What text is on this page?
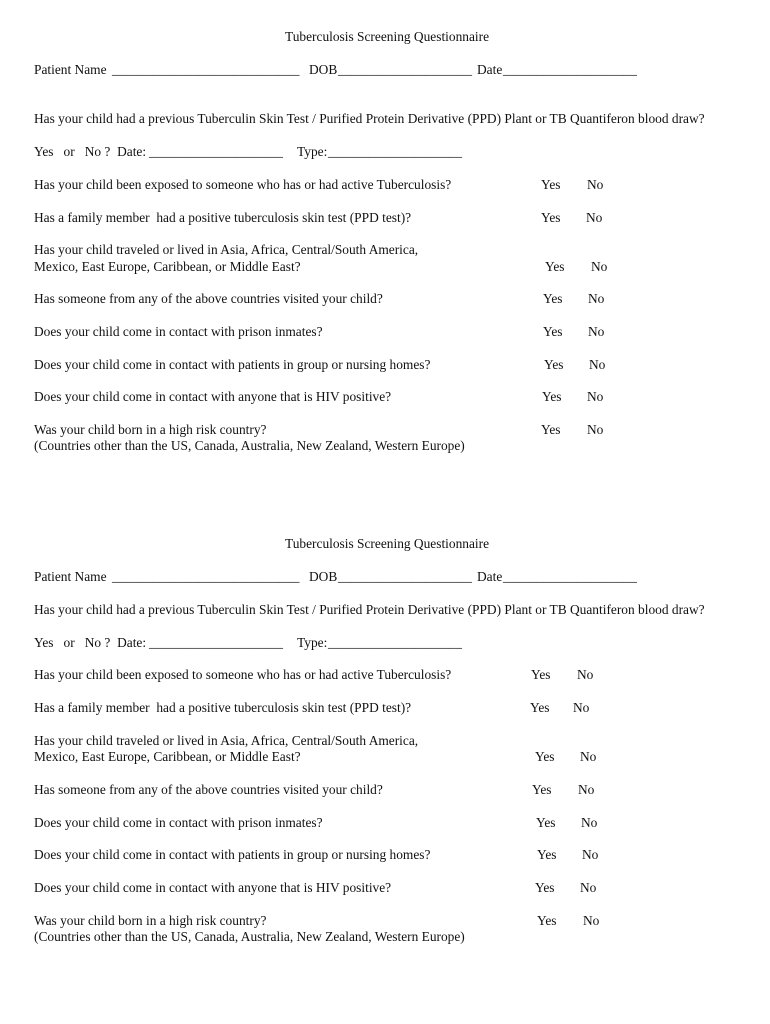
Tuberculosis Screening Questionnaire
Patient Name ____________________________ DOB ____________________ Date ____________________
Has your child had a previous Tuberculin Skin Test / Purified Protein Derivative (PPD) Plant or TB Quantiferon blood draw?
Yes   or   No ?  Date: ____________________ Type: ____________________
Has your child been exposed to someone who has or had active Tuberculosis?	Yes No
Has a family member  had a positive tuberculosis skin test (PPD test)?	Yes No
Has your child traveled or lived in Asia, Africa, Central/South America,
Mexico, East Europe, Caribbean, or Middle East?	Yes No
Has someone from any of the above countries visited your child?	Yes No
Does your child come in contact with prison inmates?	Yes No
Does your child come in contact with patients in group or nursing homes?	Yes No
Does your child come in contact with anyone that is HIV positive?	Yes No
Was your child born in a high risk country?
(Countries other than the US, Canada, Australia, New Zealand, Western Europe)
Yes No
Tuberculosis Screening Questionnaire
Patient Name ____________________________ DOB ____________________ Date ____________________
Has your child had a previous Tuberculin Skin Test / Purified Protein Derivative (PPD) Plant or TB Quantiferon blood draw?
Yes   or   No ?  Date: ____________________ Type: ____________________
Has your child been exposed to someone who has or had active Tuberculosis?	Yes No
Has a family member  had a positive tuberculosis skin test (PPD test)?	Yes No
Has your child traveled or lived in Asia, Africa, Central/South America,
Mexico, East Europe, Caribbean, or Middle East?	Yes No
Has someone from any of the above countries visited your child?	Yes No
Does your child come in contact with prison inmates?	Yes No
Does your child come in contact with patients in group or nursing homes?	Yes No
Does your child come in contact with anyone that is HIV positive?	Yes No
Was your child born in a high risk country?
(Countries other than the US, Canada, Australia, New Zealand, Western Europe)
Yes No
